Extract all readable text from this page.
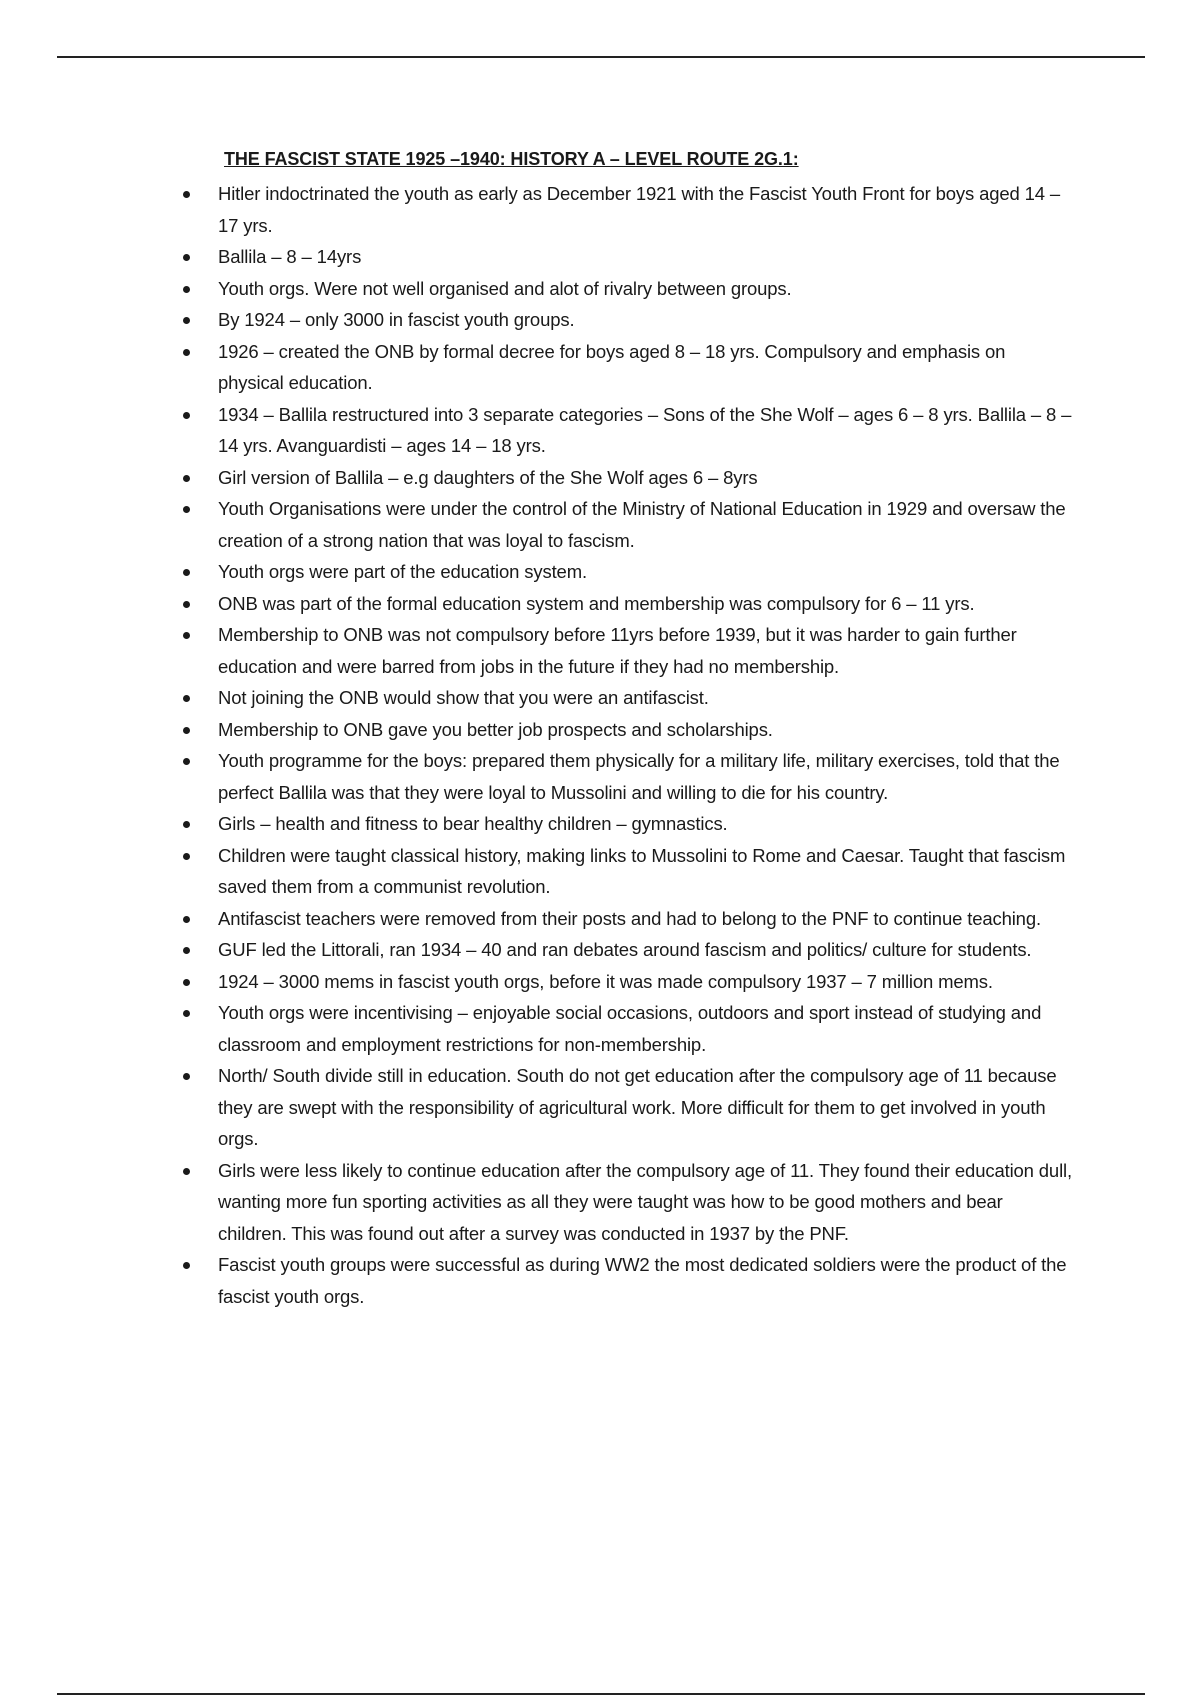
THE FASCIST STATE 1925 –1940: HISTORY A – LEVEL ROUTE 2G.1:
Hitler indoctrinated the youth as early as December 1921 with the Fascist Youth Front for boys aged 14 – 17 yrs.
Ballila – 8 – 14yrs
Youth orgs. Were not well organised and alot of rivalry between groups.
By 1924 – only 3000 in fascist youth groups.
1926 – created the ONB by formal decree for boys aged 8 – 18 yrs. Compulsory and emphasis on physical education.
1934 – Ballila restructured into 3 separate categories – Sons of the She Wolf – ages 6 – 8 yrs. Ballila – 8 – 14 yrs. Avanguardisti – ages 14 – 18 yrs.
Girl version of Ballila – e.g daughters of the She Wolf ages 6 – 8yrs
Youth Organisations were under the control of the Ministry of National Education in 1929 and oversaw the creation of a strong nation that was loyal to fascism.
Youth orgs were part of the education system.
ONB was part of the formal education system and membership was compulsory for 6 – 11 yrs.
Membership to ONB was not compulsory before 11yrs before 1939, but it was harder to gain further education and were barred from jobs in the future if they had no membership.
Not joining the ONB would show that you were an antifascist.
Membership to ONB gave you better job prospects and scholarships.
Youth programme for the boys: prepared them physically for a military life, military exercises, told that the perfect Ballila was that they were loyal to Mussolini and willing to die for his country.
Girls – health and fitness to bear healthy children – gymnastics.
Children were taught classical history, making links to Mussolini to Rome and Caesar. Taught that fascism saved them from a communist revolution.
Antifascist teachers were removed from their posts and had to belong to the PNF to continue teaching.
GUF led the Littorali, ran 1934 – 40 and ran debates around fascism and politics/ culture for students.
1924 – 3000 mems in fascist youth orgs, before it was made compulsory 1937 – 7 million mems.
Youth orgs were incentivising – enjoyable social occasions, outdoors and sport instead of studying and classroom and employment restrictions for non-membership.
North/ South divide still in education. South do not get education after the compulsory age of 11 because they are swept with the responsibility of agricultural work. More difficult for them to get involved in youth orgs.
Girls were less likely to continue education after the compulsory age of 11. They found their education dull, wanting more fun sporting activities as all they were taught was how to be good mothers and bear children. This was found out after a survey was conducted in 1937 by the PNF.
Fascist youth groups were successful as during WW2 the most dedicated soldiers were the product of the fascist youth orgs.
